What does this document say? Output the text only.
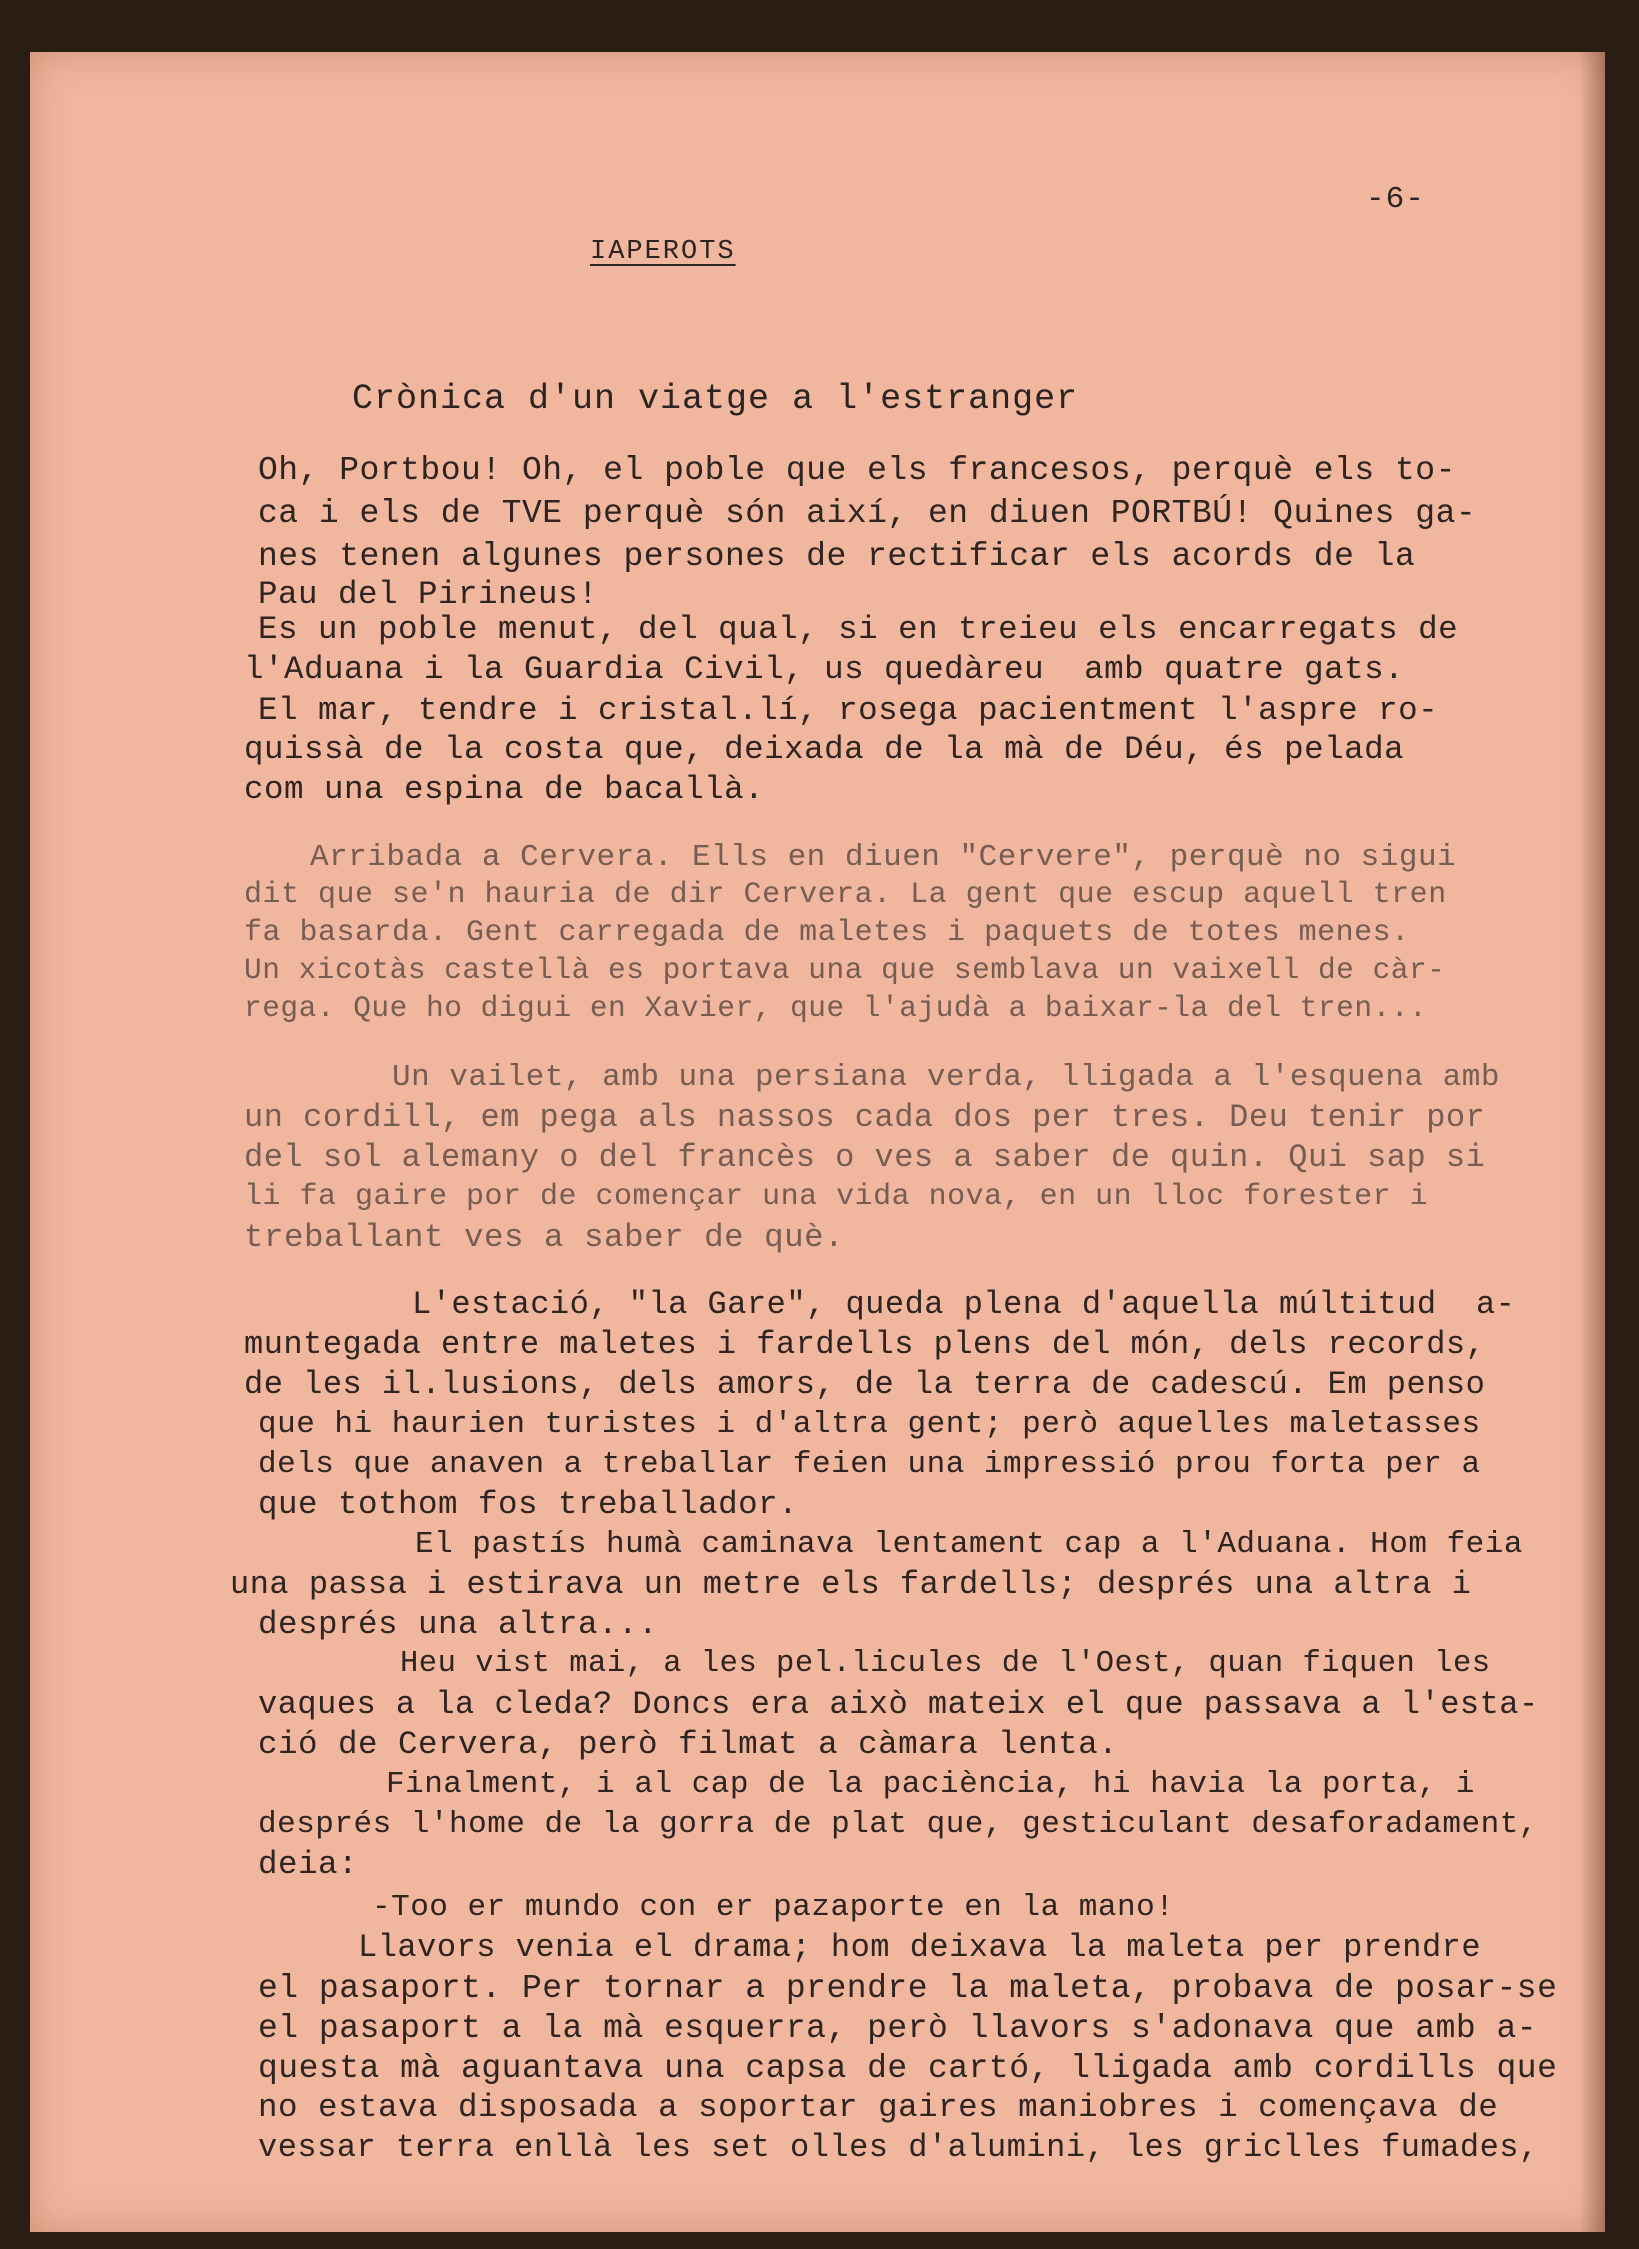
-6-
IAPEROTS
Crònica d'un viatge a l'estranger
Oh, Portbou! Oh, el poble que els francesos, perquè els to-
ca i els de TVE perquè són així, en diuen PORTBÚ! Quines ga-
nes tenen algunes persones de rectificar els acords de la
Pau del Pirineus!
Es un poble menut, del qual, si en treieu els encarregats de
l'Aduana i la Guardia Civil, us quedàreu  amb quatre gats.
El mar, tendre i cristal.lí, rosega pacientment l'aspre ro-
quissà de la costa que, deixada de la mà de Déu, és pelada
com una espina de bacallà.
Arribada a Cervera. Ells en diuen "Cervere", perquè no sigui
dit que se'n hauria de dir Cervera. La gent que escup aquell tren
fa basarda. Gent carregada de maletes i paquets de totes menes.
Un xicotàs castellà es portava una que semblava un vaixell de càr-
rega. Que ho digui en Xavier, que l'ajudà a baixar-la del tren...
Un vailet, amb una persiana verda, lligada a l'esquena amb
un cordill, em pega als nassos cada dos per tres. Deu tenir por
del sol alemany o del francès o ves a saber de quin. Qui sap si
li fa gaire por de començar una vida nova, en un lloc forester i
treballant ves a saber de què.
L'estació, "la Gare", queda plena d'aquella múltitud  a-
muntegada entre maletes i fardells plens del món, dels records,
de les il.lusions, dels amors, de la terra de cadescú. Em penso
que hi haurien turistes i d'altra gent; però aquelles maletasses
dels que anaven a treballar feien una impressió prou forta per a
que tothom fos treballador.
El pastís humà caminava lentament cap a l'Aduana. Hom feia
una passa i estirava un metre els fardells; després una altra i
després una altra...
Heu vist mai, a les pel.licules de l'Oest, quan fiquen les
vaques a la cleda? Doncs era això mateix el que passava a l'esta-
ció de Cervera, però filmat a càmara lenta.
Finalment, i al cap de la paciència, hi havia la porta, i
després l'home de la gorra de plat que, gesticulant desaforadament,
deia:
-Too er mundo con er pazaporte en la mano!
Llavors venia el drama; hom deixava la maleta per prendre
el pasaport. Per tornar a prendre la maleta, probava de posar-se
el pasaport a la mà esquerra, però llavors s'adonava que amb a-
questa mà aguantava una capsa de cartó, lligada amb cordills que
no estava disposada a soportar gaires maniobres i començava de
vessar terra enllà les set olles d'alumini, les griclles fumades,
